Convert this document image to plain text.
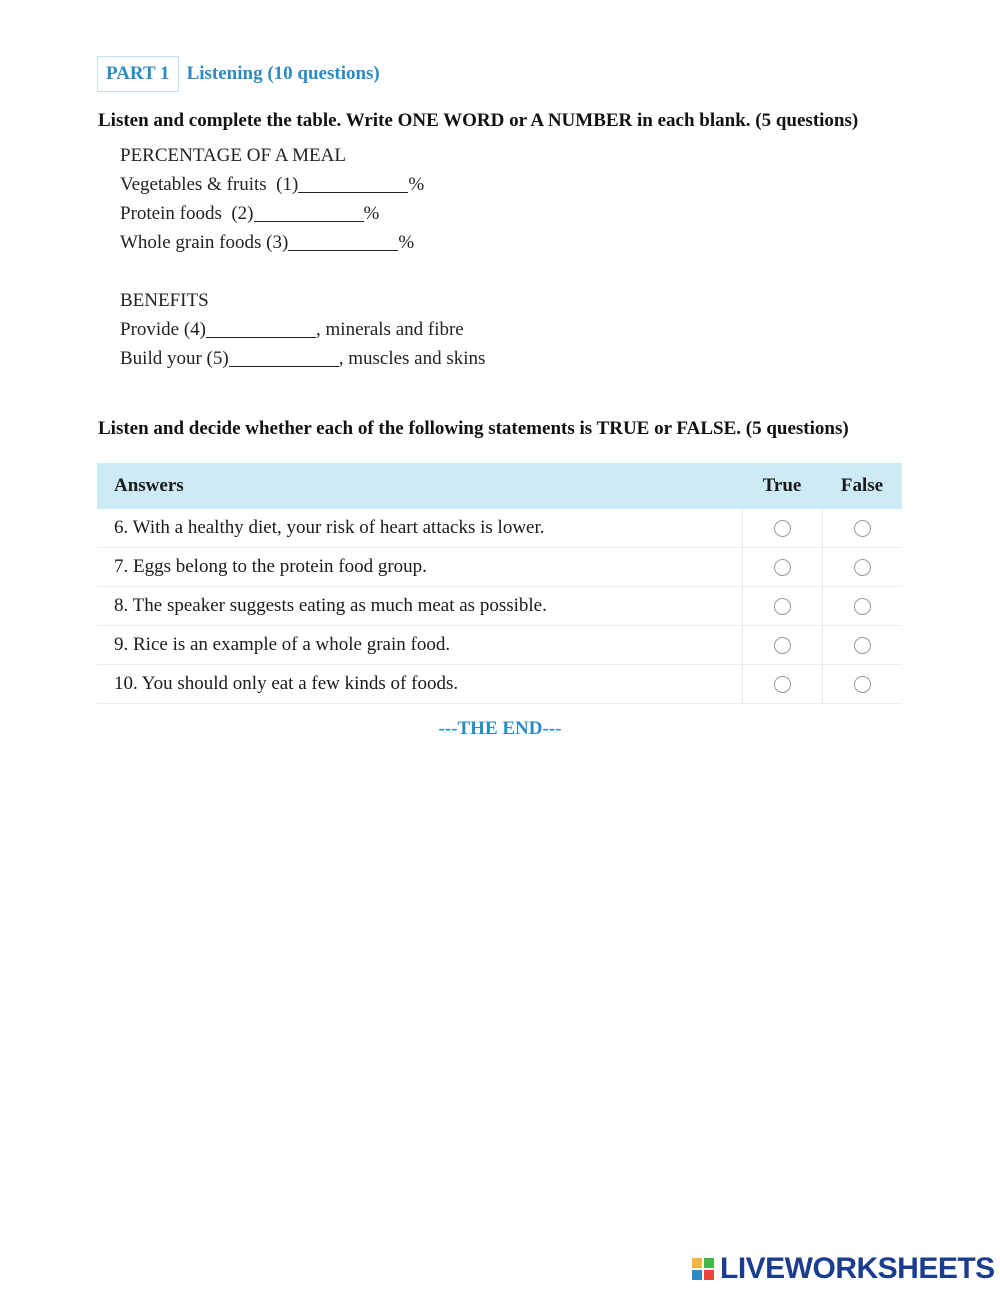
PART 1 Listening (10 questions)
Listen and complete the table. Write ONE WORD or A NUMBER in each blank. (5 questions)
PERCENTAGE OF A MEAL
Vegetables & fruits  (1)	%
Protein foods  (2)	%
Whole grain foods (3)	%
BENEFITS
Provide (4)	, minerals and fibre
Build your (5)	, muscles and skins
Listen and decide whether each of the following statements is TRUE or FALSE. (5 questions)
Answers	True	False
6. With a healthy diet, your risk of heart attacks is lower.		
7. Eggs belong to the protein food group.		
8. The speaker suggests eating as much meat as possible.		
9. Rice is an example of a whole grain food.		
10. You should only eat a few kinds of foods.		
---THE END---
LIVEWORKSHEETS
